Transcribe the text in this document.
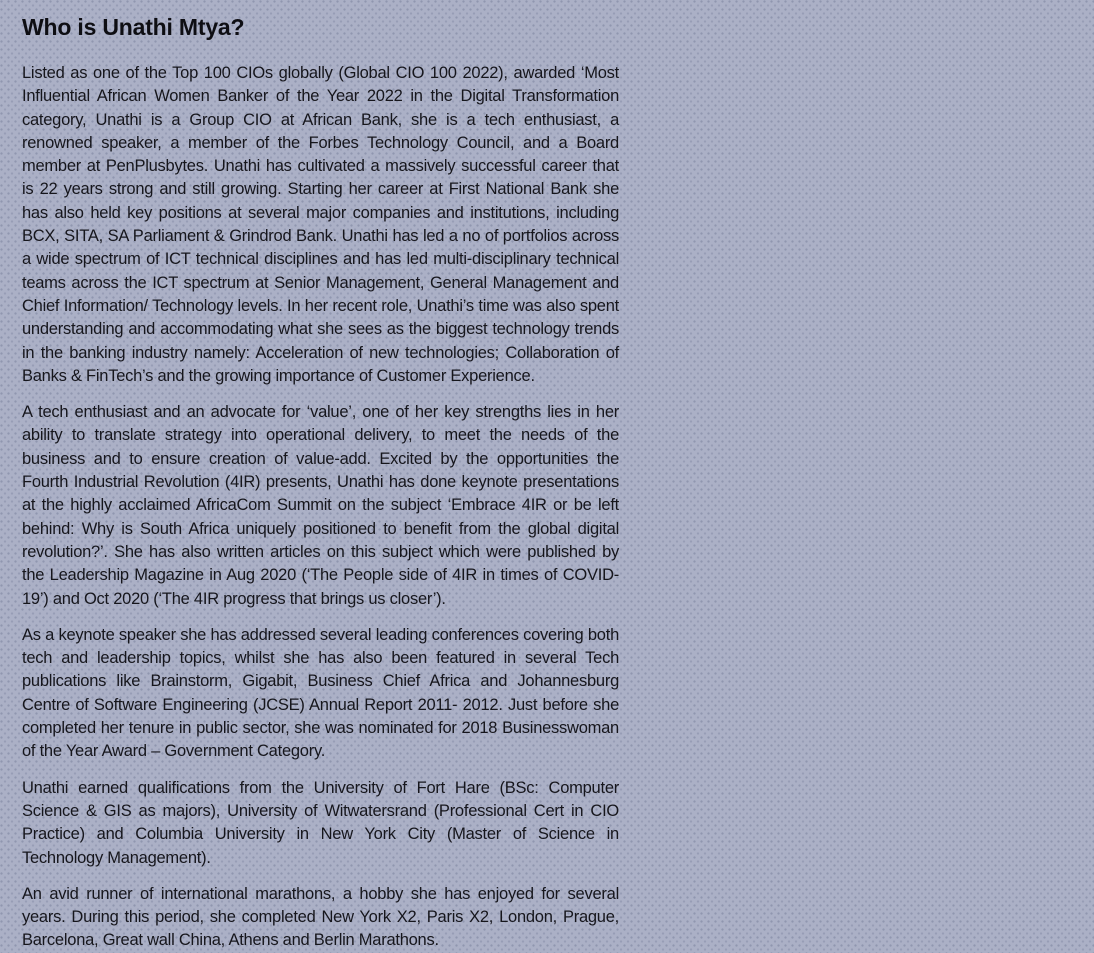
Who is Unathi Mtya?

Listed as one of the Top 100 CIOs globally (Global CIO 100 2022), awarded ‘Most Influential African Women Banker of the Year 2022 in the Digital Transformation category, Unathi is a Group CIO at African Bank, she is a tech enthusiast, a renowned speaker, a member of the Forbes Technology Council, and a Board member at PenPlusbytes. Unathi has cultivated a massively successful career that is 22 years strong and still growing. Starting her career at First National Bank she has also held key positions at several major companies and institutions, including BCX, SITA, SA Parliament & Grindrod Bank. Unathi has led a no of portfolios across a wide spectrum of ICT technical disciplines and has led multi-disciplinary technical teams across the ICT spectrum at Senior Management, General Management and Chief Information/ Technology levels. In her recent role, Unathi’s time was also spent understanding and accommodating what she sees as the biggest technology trends in the banking industry namely: Acceleration of new technologies; Collaboration of Banks & FinTech’s and the growing importance of Customer Experience.

A tech enthusiast and an advocate for ‘value’, one of her key strengths lies in her ability to translate strategy into operational delivery, to meet the needs of the business and to ensure creation of value-add. Excited by the opportunities the Fourth Industrial Revolution (4IR) presents, Unathi has done keynote presentations at the highly acclaimed AfricaCom Summit on the subject ‘Embrace 4IR or be left behind: Why is South Africa uniquely positioned to benefit from the global digital revolution?’. She has also written articles on this subject which were published by the Leadership Magazine in Aug 2020 (‘The People side of 4IR in times of COVID-19’) and Oct 2020 (‘The 4IR progress that brings us closer’).

As a keynote speaker she has addressed several leading conferences covering both tech and leadership topics, whilst she has also been featured in several Tech publications like Brainstorm, Gigabit, Business Chief Africa and Johannesburg Centre of Software Engineering (JCSE) Annual Report 2011- 2012. Just before she completed her tenure in public sector, she was nominated for 2018 Businesswoman of the Year Award – Government Category.

Unathi earned qualifications from the University of Fort Hare (BSc: Computer Science & GIS as majors), University of Witwatersrand (Professional Cert in CIO Practice) and Columbia University in New York City (Master of Science in Technology Management).

An avid runner of international marathons, a hobby she has enjoyed for several years. During this period, she completed New York X2, Paris X2, London, Prague, Barcelona, Great wall China, Athens and Berlin Marathons.
